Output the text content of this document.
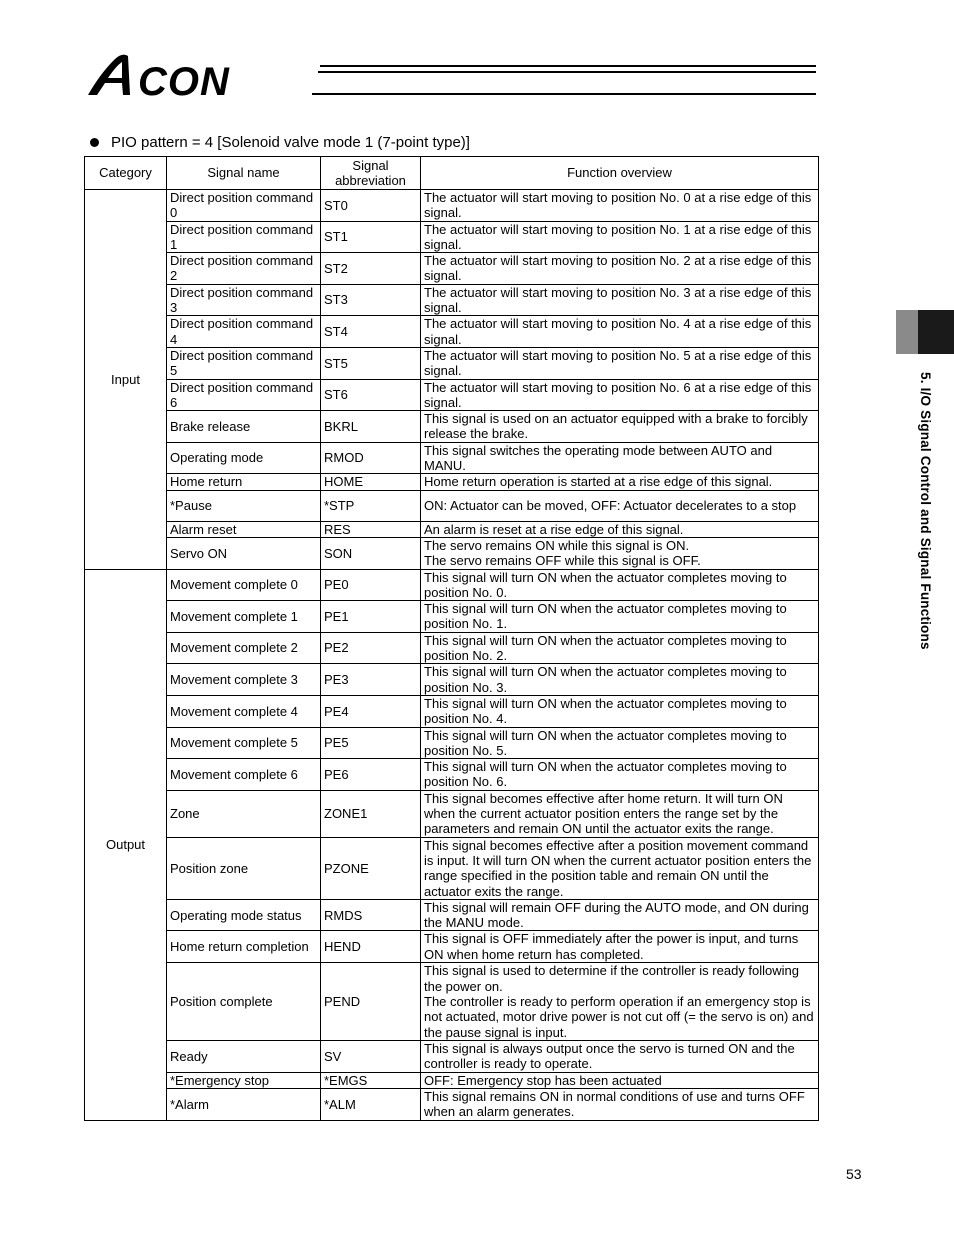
CON
PIO pattern = 4 [Solenoid valve mode 1 (7-point type)]
Category	Signal name	Signal abbreviation	Function overview
Input	Direct position command 0	ST0	The actuator will start moving to position No. 0 at a rise edge of this signal.
	Direct position command 1	ST1	The actuator will start moving to position No. 1 at a rise edge of this signal.
	Direct position command 2	ST2	The actuator will start moving to position No. 2 at a rise edge of this signal.
	Direct position command 3	ST3	The actuator will start moving to position No. 3 at a rise edge of this signal.
	Direct position command 4	ST4	The actuator will start moving to position No. 4 at a rise edge of this signal.
	Direct position command 5	ST5	The actuator will start moving to position No. 5 at a rise edge of this signal.
	Direct position command 6	ST6	The actuator will start moving to position No. 6 at a rise edge of this signal.
	Brake release	BKRL	This signal is used on an actuator equipped with a brake to forcibly release the brake.
	Operating mode	RMOD	This signal switches the operating mode between AUTO and MANU.
	Home return	HOME	Home return operation is started at a rise edge of this signal.
	*Pause	*STP	ON: Actuator can be moved, OFF: Actuator decelerates to a stop
	Alarm reset	RES	An alarm is reset at a rise edge of this signal.
	Servo ON	SON	The servo remains ON while this signal is ON.
The servo remains OFF while this signal is OFF.
Output	Movement complete 0	PE0	This signal will turn ON when the actuator completes moving to position No. 0.
	Movement complete 1	PE1	This signal will turn ON when the actuator completes moving to position No. 1.
	Movement complete 2	PE2	This signal will turn ON when the actuator completes moving to position No. 2.
	Movement complete 3	PE3	This signal will turn ON when the actuator completes moving to position No. 3.
	Movement complete 4	PE4	This signal will turn ON when the actuator completes moving to position No. 4.
	Movement complete 5	PE5	This signal will turn ON when the actuator completes moving to position No. 5.
	Movement complete 6	PE6	This signal will turn ON when the actuator completes moving to position No. 6.
	Zone	ZONE1	This signal becomes effective after home return. It will turn ON when the current actuator position enters the range set by the parameters and remain ON until the actuator exits the range.
	Position zone	PZONE	This signal becomes effective after a position movement command is input. It will turn ON when the current actuator position enters the range specified in the position table and remain ON until the actuator exits the range.
	Operating mode status	RMDS	This signal will remain OFF during the AUTO mode, and ON during the MANU mode.
	Home return completion	HEND	This signal is OFF immediately after the power is input, and turns ON when home return has completed.
	Position complete	PEND	This signal is used to determine if the controller is ready following the power on.
The controller is ready to perform operation if an emergency stop is not actuated, motor drive power is not cut off (= the servo is on) and the pause signal is input.
	Ready	SV	This signal is always output once the servo is turned ON and the controller is ready to operate.
	*Emergency stop	*EMGS	OFF: Emergency stop has been actuated
	*Alarm	*ALM	This signal remains ON in normal conditions of use and turns OFF when an alarm generates.
5. I/O Signal Control and Signal Functions
53
